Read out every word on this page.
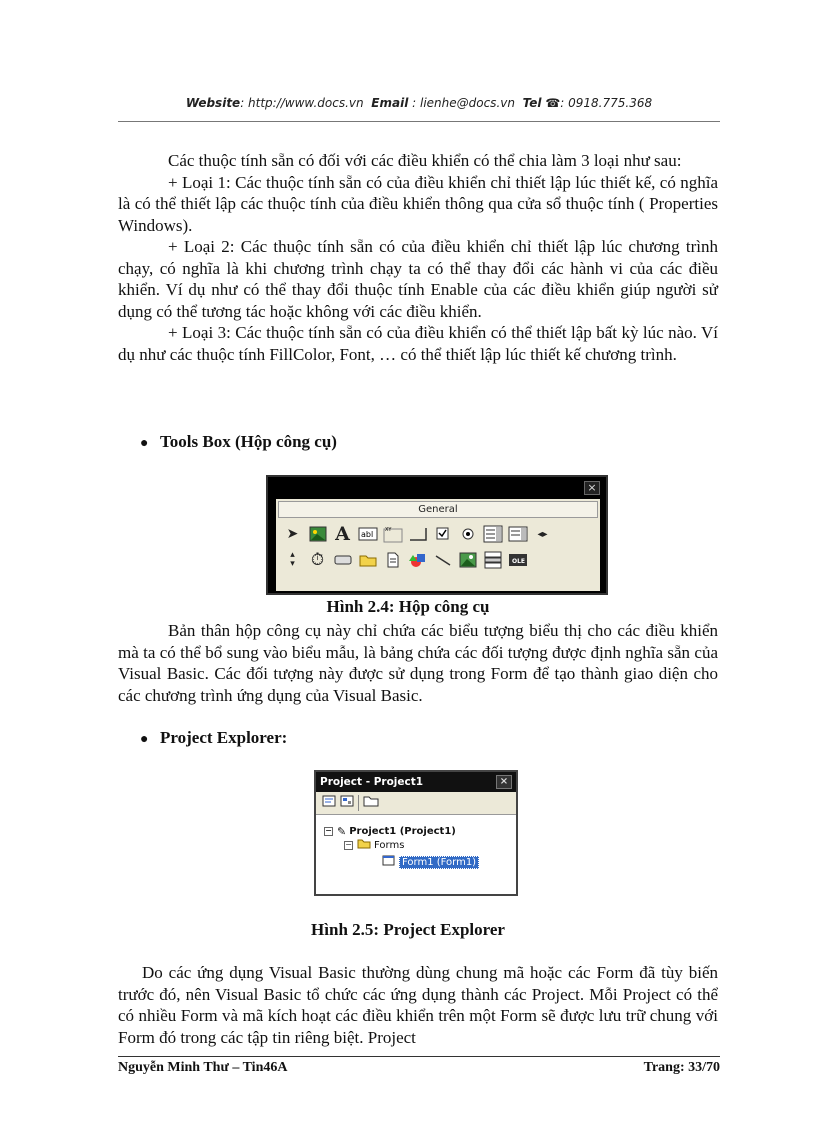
Website: http://www.docs.vn Email : lienhe@docs.vn Tel ☎: 0918.775.368

Các thuộc tính sẵn có đối với các điều khiển có thể chia làm 3 loại như sau:

+ Loại 1: Các thuộc tính sẵn có của điều khiển chỉ thiết lập lúc thiết kế, có nghĩa là có thể thiết lập các thuộc tính của điều khiển thông qua cửa sổ thuộc tính ( Properties Windows).

+ Loại 2: Các thuộc tính sẵn có của điều khiển chỉ thiết lập lúc chương trình chạy, có nghĩa là khi chương trình chạy ta có thể thay đổi các hành vi của các điều khiển. Ví dụ như có thể thay đổi thuộc tính Enable của các điều khiển giúp người sử dụng có thể tương tác hoặc không với các điều khiển.

+ Loại 3: Các thuộc tính sẵn có của điều khiển có thể thiết lập bất kỳ lúc nào. Ví dụ như các thuộc tính FillColor, Font, … có thể thiết lập lúc thiết kế chương trình.

● Tools Box (Hộp công cụ)
×
General
➤	A	abl XY	◂▸
▴
▾ ⏱	OLE
Hình 2.4: Hộp công cụ

Bản thân hộp công cụ này chỉ chứa các biểu tượng biểu thị cho các điều khiển mà ta có thể bổ sung vào biểu mẫu, là bảng chứa các đối tượng được định nghĩa sẵn của Visual Basic. Các đối tượng này được sử dụng trong Form để tạo thành giao diện cho các chương trình ứng dụng của Visual Basic.

● Project Explorer:
Project - Project1	×
− ✎ Project1 (Project1)
− Forms
Form1 (Form1)
Hình 2.5: Project Explorer

Do các ứng dụng Visual Basic thường dùng chung mã hoặc các Form đã tùy biến trước đó, nên Visual Basic tổ chức các ứng dụng thành các Project. Mỗi Project có thể có nhiều Form và mã kích hoạt các điều khiển trên một Form sẽ được lưu trữ chung với Form đó trong các tập tin riêng biệt. Project

Nguyễn Minh Thư – Tin46A	Trang: 33/70
